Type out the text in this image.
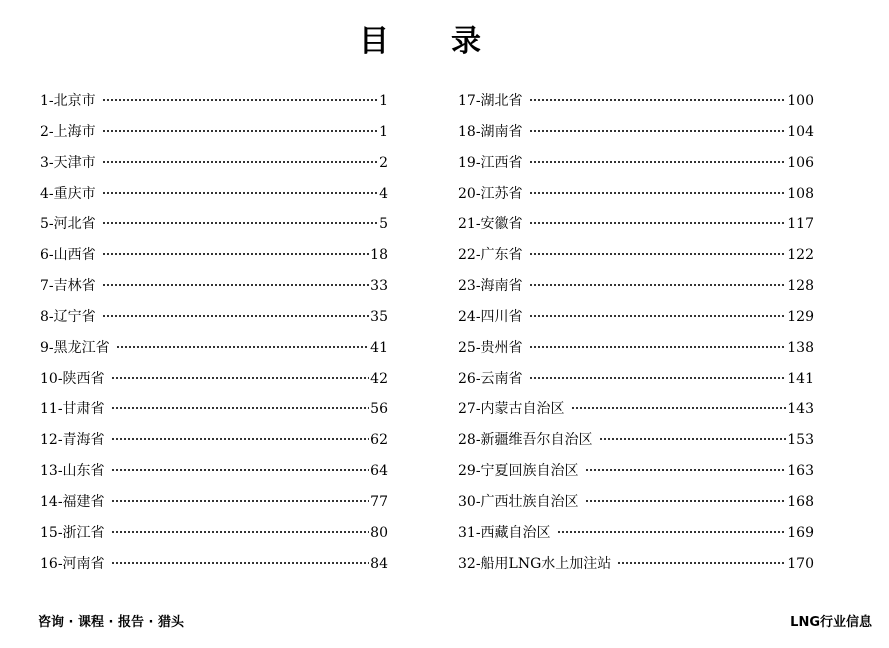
目录
1-北京市	1
2-上海市	1
3-天津市	2
4-重庆市	4
5-河北省	5
6-山西省	18
7-吉林省	33
8-辽宁省	35
9-黑龙江省	41
10-陕西省	42
11-甘肃省	56
12-青海省	62
13-山东省	64
14-福建省	77
15-浙江省	80
16-河南省	84
17-湖北省	100
18-湖南省	104
19-江西省	106
20-江苏省	108
21-安徽省	117
22-广东省	122
23-海南省	128
24-四川省	129
25-贵州省	138
26-云南省	141
27-内蒙古自治区	143
28-新疆维吾尔自治区	153
29-宁夏回族自治区	163
30-广西壮族自治区	168
31-西藏自治区	169
32-船用LNG水上加注站	170
咨询 · 课程 · 报告 · 猎头	LNG行业信息
